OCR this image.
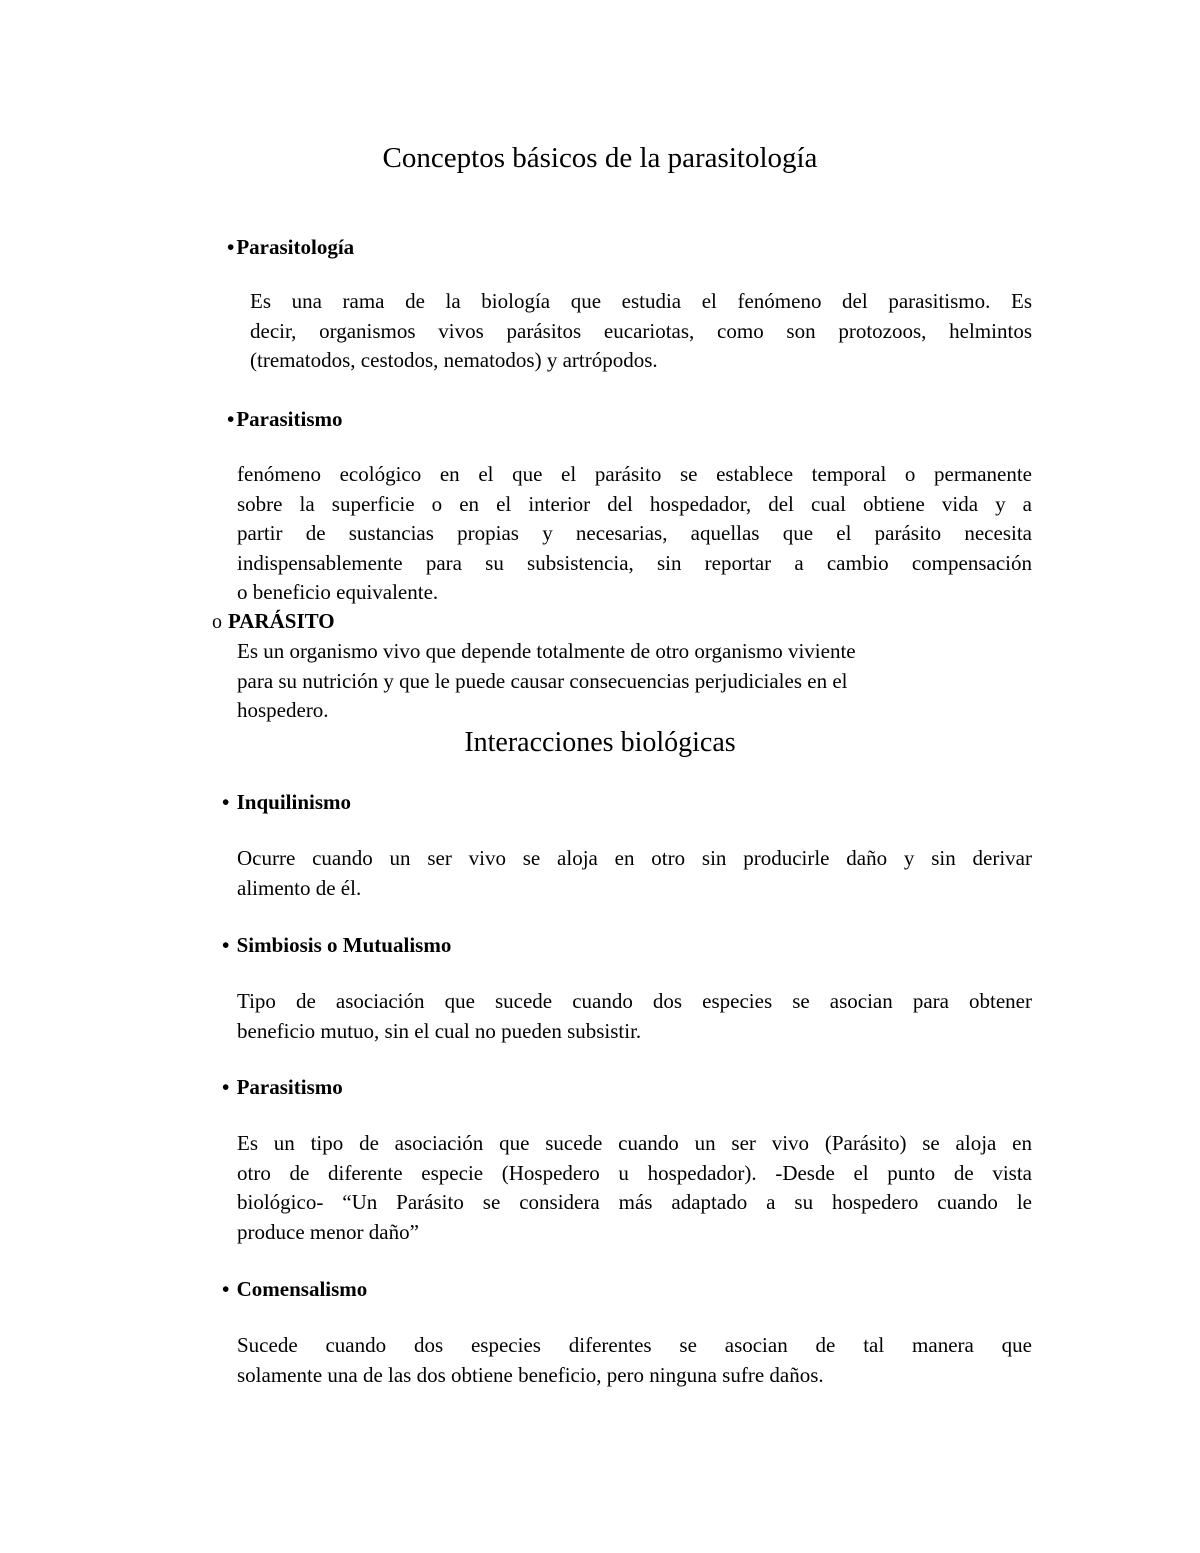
Conceptos básicos de la parasitología
•Parasitología
Es una rama de la biología que estudia el fenómeno del parasitismo. Es
decir, organismos vivos parásitos eucariotas, como son protozoos, helmintos
(trematodos, cestodos, nematodos) y artrópodos.
•Parasitismo
fenómeno ecológico en el que el parásito se establece temporal o permanente
sobre la superficie o en el interior del hospedador, del cual obtiene vida y a
partir de sustancias propias y necesarias, aquellas que el parásito necesita
indispensablemente para su subsistencia, sin reportar a cambio compensación
o beneficio equivalente.
o PARÁSITO
Es un organismo vivo que depende totalmente de otro organismo viviente
para su nutrición y que le puede causar consecuencias perjudiciales en el
hospedero.
Interacciones biológicas
• Inquilinismo
Ocurre cuando un ser vivo se aloja en otro sin producirle daño y sin derivar
alimento de él.
• Simbiosis o Mutualismo
Tipo de asociación que sucede cuando dos especies se asocian para obtener
beneficio mutuo, sin el cual no pueden subsistir.
• Parasitismo
Es un tipo de asociación que sucede cuando un ser vivo (Parásito) se aloja en
otro de diferente especie (Hospedero u hospedador). -Desde el punto de vista
biológico- “Un Parásito se considera más adaptado a su hospedero cuando le
produce menor daño”
• Comensalismo
Sucede cuando dos especies diferentes se asocian de tal manera que
solamente una de las dos obtiene beneficio, pero ninguna sufre daños.
